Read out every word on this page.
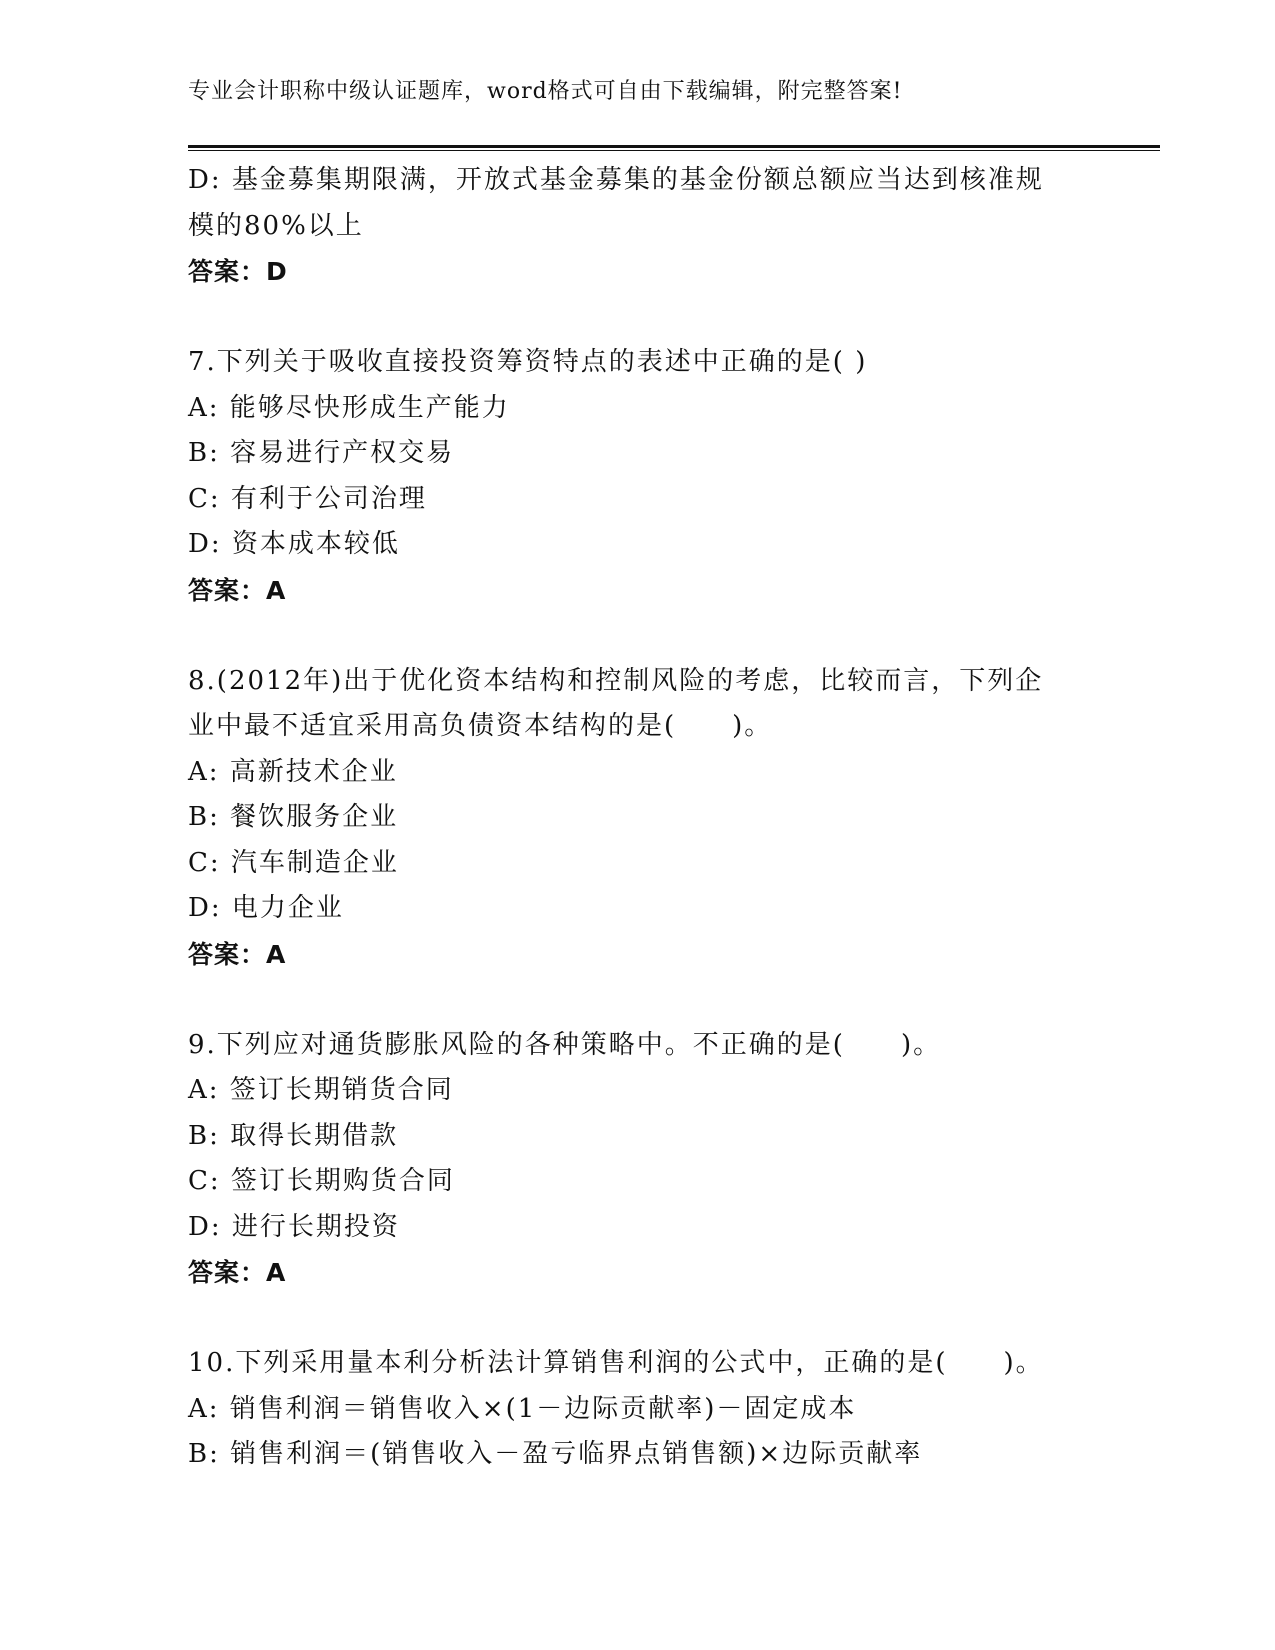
专业会计职称中级认证题库，word格式可自由下载编辑，附完整答案!
D: 基金募集期限满，开放式基金募集的基金份额总额应当达到核准规
模的80%以上
答案：D
7.下列关于吸收直接投资筹资特点的表述中正确的是( )
A: 能够尽快形成生产能力
B: 容易进行产权交易
C: 有利于公司治理
D: 资本成本较低
答案：A
8.(2012年)出于优化资本结构和控制风险的考虑，比较而言，下列企
业中最不适宜采用高负债资本结构的是(　　)。
A: 高新技术企业
B: 餐饮服务企业
C: 汽车制造企业
D: 电力企业
答案：A
9.下列应对通货膨胀风险的各种策略中。不正确的是(　　)。
A: 签订长期销货合同
B: 取得长期借款
C: 签订长期购货合同
D: 进行长期投资
答案：A
10.下列采用量本利分析法计算销售利润的公式中，正确的是(　　)。
A: 销售利润＝销售收入×(1－边际贡献率)－固定成本
B: 销售利润＝(销售收入－盈亏临界点销售额)×边际贡献率
